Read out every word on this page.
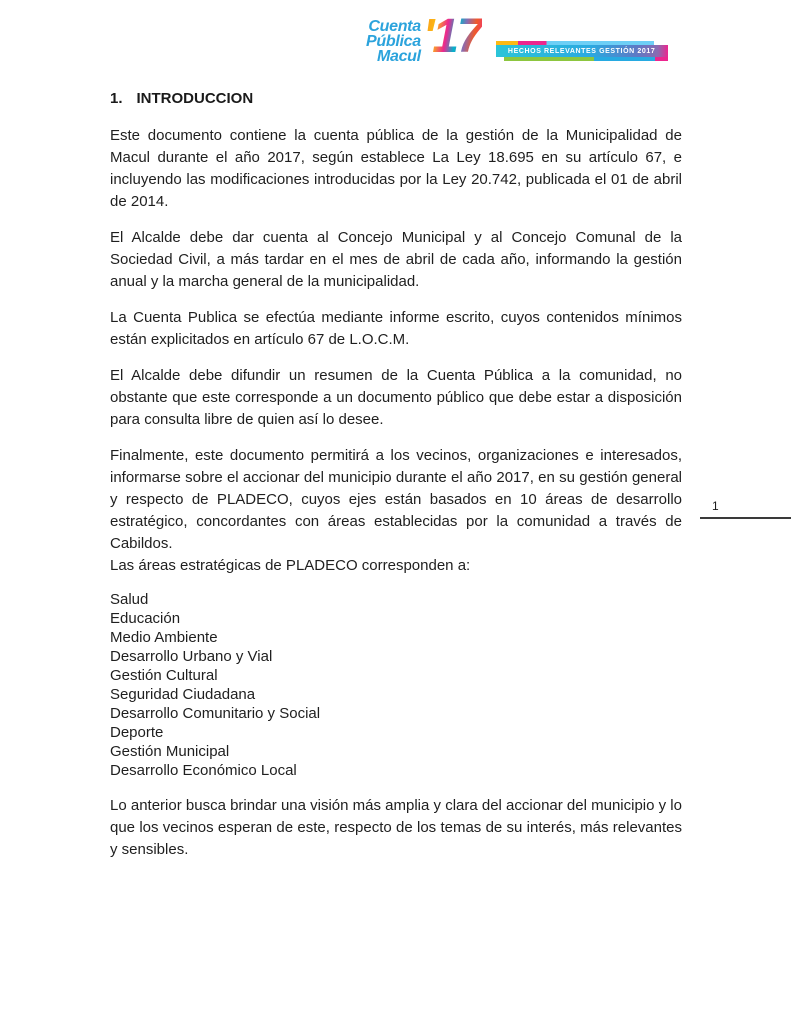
Cuenta
Pública
Macul '17	HECHOS RELEVANTES GESTIÓN 2017
1. INTRODUCCION

Este documento contiene la cuenta pública de la gestión de la Municipalidad de Macul durante el año 2017, según establece La Ley 18.695 en su artículo 67, e incluyendo las modificaciones introducidas por la Ley 20.742, publicada el 01 de abril de 2014.

El Alcalde debe dar cuenta al Concejo Municipal y al Concejo Comunal de la Sociedad Civil, a más tardar en el mes de abril de cada año, informando la gestión anual y la marcha general de la municipalidad.

La Cuenta Publica se efectúa mediante informe escrito, cuyos contenidos mínimos están explicitados en artículo 67 de L.O.C.M.

El Alcalde debe difundir un resumen de la Cuenta Pública a la comunidad, no obstante que este corresponde a un documento público que debe estar a disposición para consulta libre de quien así lo desee.

Finalmente, este documento permitirá a los vecinos, organizaciones e interesados, informarse sobre el accionar del municipio durante el año 2017, en su gestión general y respecto de PLADECO, cuyos ejes están basados en 10 áreas de desarrollo estratégico, concordantes con áreas establecidas por la comunidad a través de Cabildos.

Las áreas estratégicas de PLADECO corresponden a:

Salud
Educación
Medio Ambiente
Desarrollo Urbano y Vial
Gestión Cultural
Seguridad Ciudadana
Desarrollo Comunitario y Social
Deporte
Gestión Municipal
Desarrollo Económico Local

Lo anterior busca brindar una visión más amplia y clara del accionar del municipio y lo que los vecinos esperan de este, respecto de los temas de su interés, más relevantes y sensibles.

1
